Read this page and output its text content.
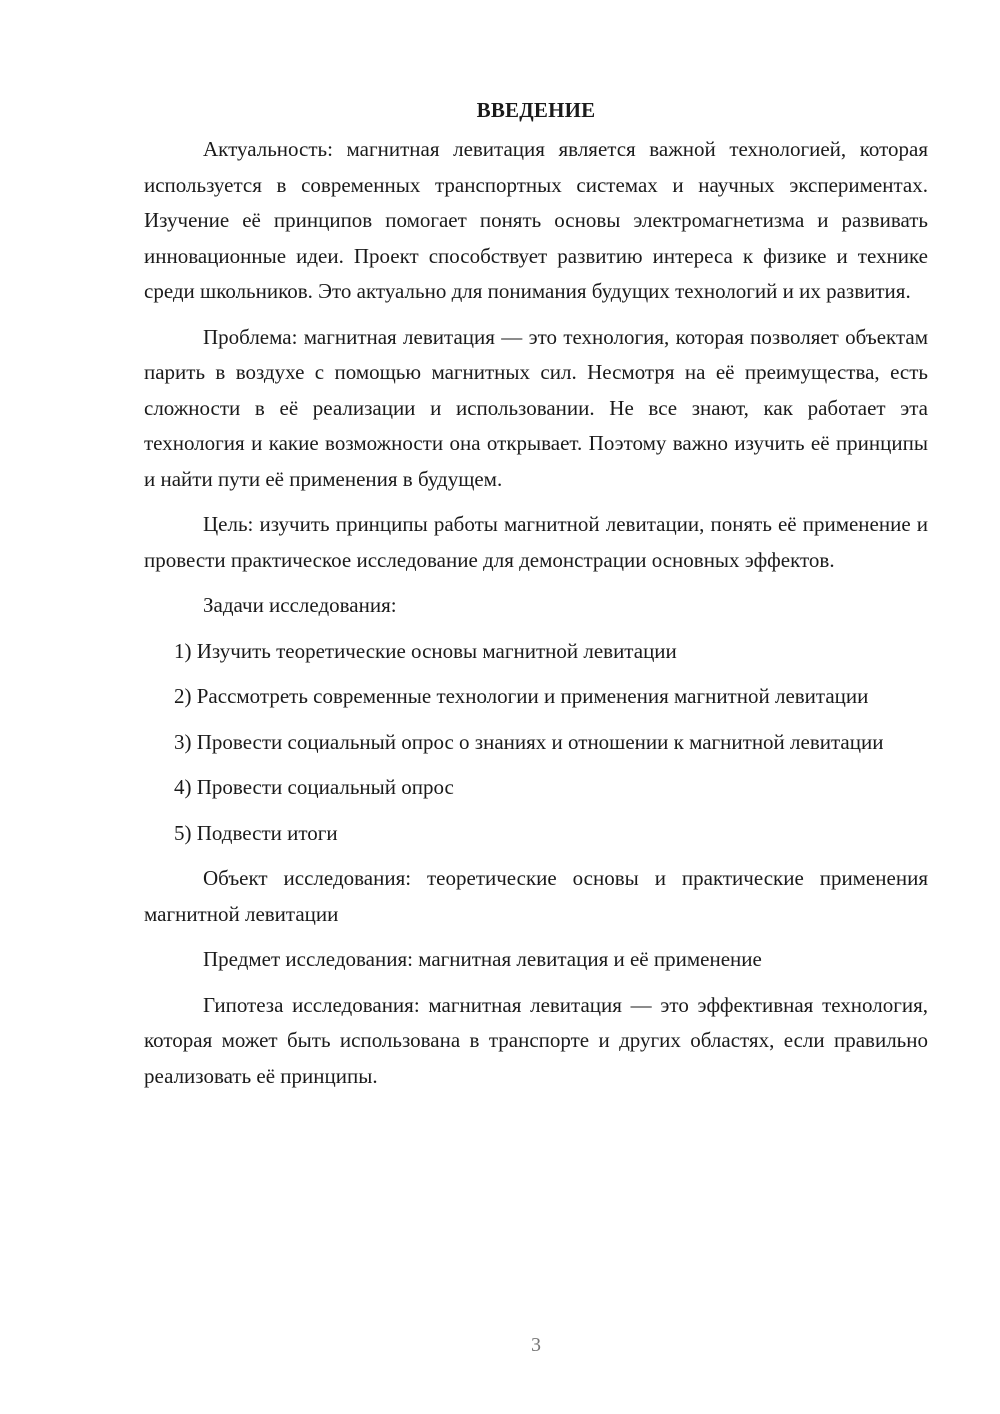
ВВЕДЕНИЕ

Актуальность: магнитная левитация является важной технологией, которая используется в современных транспортных системах и научных экспериментах. Изучение её принципов помогает понять основы электромагнетизма и развивать инновационные идеи. Проект способствует развитию интереса к физике и технике среди школьников. Это актуально для понимания будущих технологий и их развития.

Проблема: магнитная левитация — это технология, которая позволяет объектам парить в воздухе с помощью магнитных сил. Несмотря на её преимущества, есть сложности в её реализации и использовании. Не все знают, как работает эта технология и какие возможности она открывает. Поэтому важно изучить её принципы и найти пути её применения в будущем.

Цель: изучить принципы работы магнитной левитации, понять её применение и провести практическое исследование для демонстрации основных эффектов.

Задачи исследования:

1) Изучить теоретические основы магнитной левитации

2) Рассмотреть современные технологии и применения магнитной левитации

3) Провести социальный опрос о знаниях и отношении к магнитной левитации

4) Провести социальный опрос

5) Подвести итоги

Объект исследования: теоретические основы и практические применения магнитной левитации

Предмет исследования: магнитная левитация и её применение

Гипотеза исследования: магнитная левитация — это эффективная технология, которая может быть использована в транспорте и других областях, если правильно реализовать её принципы.

3
